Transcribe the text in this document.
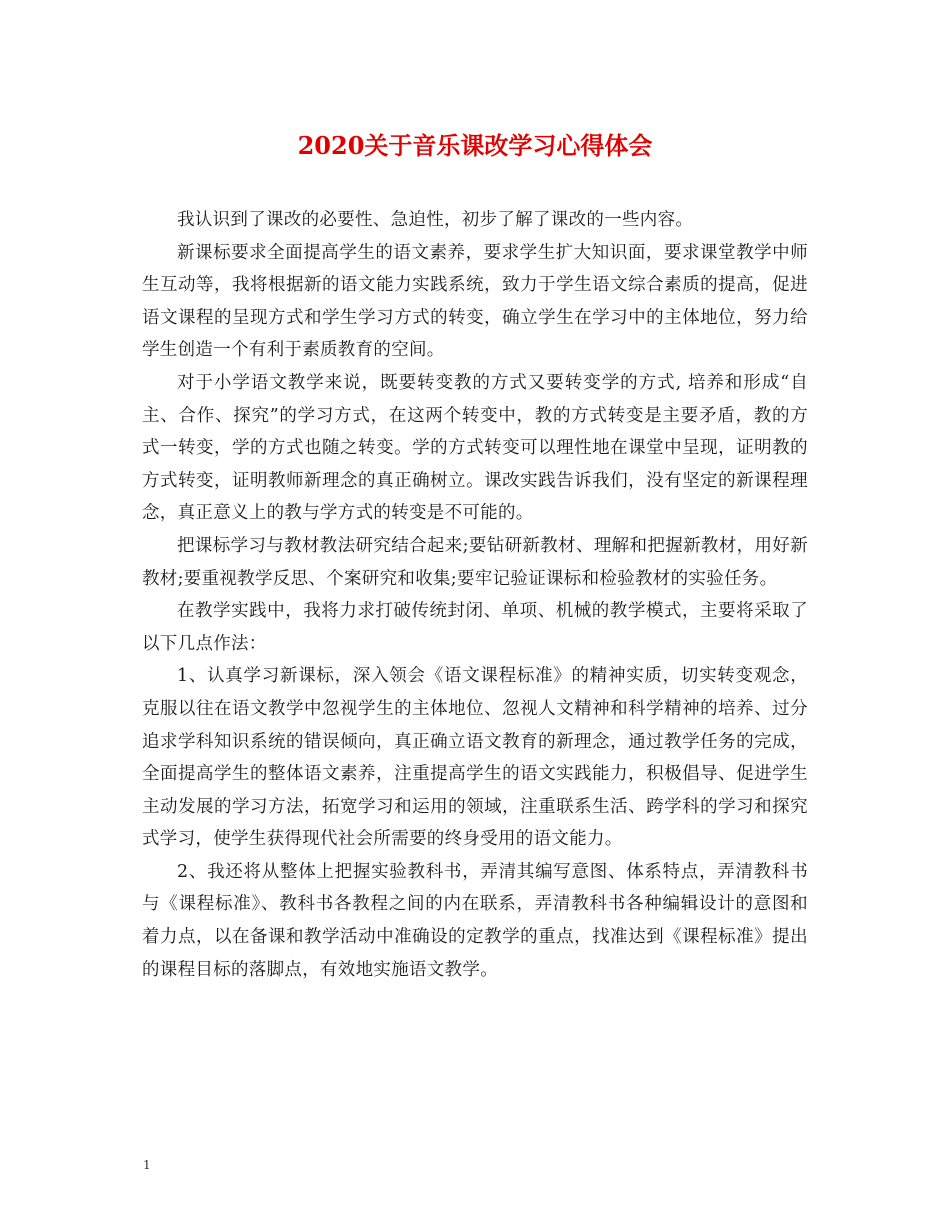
2020关于音乐课改学习心得体会

我认识到了课改的必要性、急迫性，初步了解了课改的一些内容。

新课标要求全面提高学生的语文素养，要求学生扩大知识面，要求课堂教学中师生互动等，我将根据新的语文能力实践系统，致力于学生语文综合素质的提高，促进语文课程的呈现方式和学生学习方式的转变，确立学生在学习中的主体地位，努力给学生创造一个有利于素质教育的空间。

对于小学语文教学来说，既要转变教的方式又要转变学的方式, 培养和形成“自主、合作、探究”的学习方式，在这两个转变中，教的方式转变是主要矛盾，教的方式一转变，学的方式也随之转变。学的方式转变可以理性地在课堂中呈现，证明教的方式转变，证明教师新理念的真正确树立。课改实践告诉我们，没有坚定的新课程理念，真正意义上的教与学方式的转变是不可能的。

把课标学习与教材教法研究结合起来;要钻研新教材、理解和把握新教材，用好新教材;要重视教学反思、个案研究和收集;要牢记验证课标和检验教材的实验任务。

在教学实践中，我将力求打破传统封闭、单项、机械的教学模式，主要将采取了以下几点作法：

1、认真学习新课标，深入领会《语文课程标准》的精神实质，切实转变观念，克服以往在语文教学中忽视学生的主体地位、忽视人文精神和科学精神的培养、过分追求学科知识系统的错误倾向，真正确立语文教育的新理念，通过教学任务的完成，全面提高学生的整体语文素养，注重提高学生的语文实践能力，积极倡导、促进学生主动发展的学习方法，拓宽学习和运用的领域，注重联系生活、跨学科的学习和探究式学习，使学生获得现代社会所需要的终身受用的语文能力。

2、我还将从整体上把握实验教科书，弄清其编写意图、体系特点，弄清教科书与《课程标准》、教科书各教程之间的内在联系，弄清教科书各种编辑设计的意图和着力点，以在备课和教学活动中准确设的定教学的重点，找准达到《课程标准》提出的课程目标的落脚点，有效地实施语文教学。

1
